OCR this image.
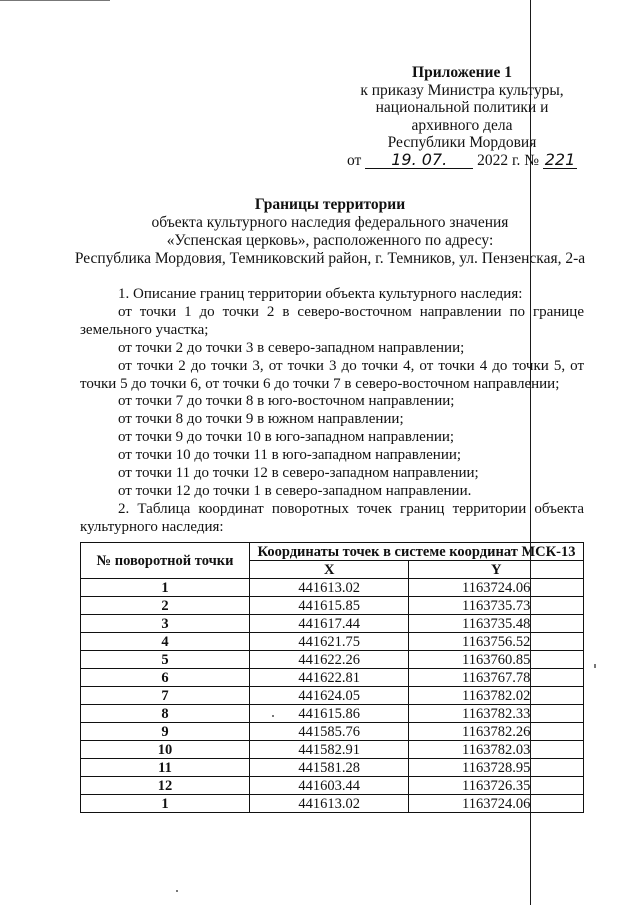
Приложение 1
к приказу Министра культуры,
национальной политики и
архивного дела
Республики Мордовия
от 19. 07. 2022 г. № 221
Границы территории
объекта культурного наследия федерального значения
«Успенская церковь», расположенного по адресу:
Республика Мордовия, Темниковский район, г. Темников, ул. Пензенская, 2-а

1. Описание границ территории объекта культурного наследия:

от точки 1 до точки 2 в северо-восточном направлении по границе земельного участка;

от точки 2 до точки 3 в северо-западном направлении;

от точки 2 до точки 3, от точки 3 до точки 4, от точки 4 до точки 5, от точки 5 до точки 6, от точки 6 до точки 7 в северо-восточном направлении;

от точки 7 до точки 8 в юго-восточном направлении;

от точки 8 до точки 9 в южном направлении;

от точки 9 до точки 10 в юго-западном направлении;

от точки 10 до точки 11 в юго-западном направлении;

от точки 11 до точки 12 в северо-западном направлении;

от точки 12 до точки 1 в северо-западном направлении.

2. Таблица координат поворотных точек границ территории объекта культурного наследия:

№ поворотной точки	Координаты точек в системе координат МСК-13	
	X	Y
1	441613.02	1163724.06
2	441615.85	1163735.73
3	441617.44	1163735.48
4	441621.75	1163756.52
5	441622.26	1163760.85
6	441622.81	1163767.78
7	441624.05	1163782.02
8	441615.86	1163782.33
9	441585.76	1163782.26
10	441582.91	1163782.03
11	441581.28	1163728.95
12	441603.44	1163726.35
1	441613.02	1163724.06
